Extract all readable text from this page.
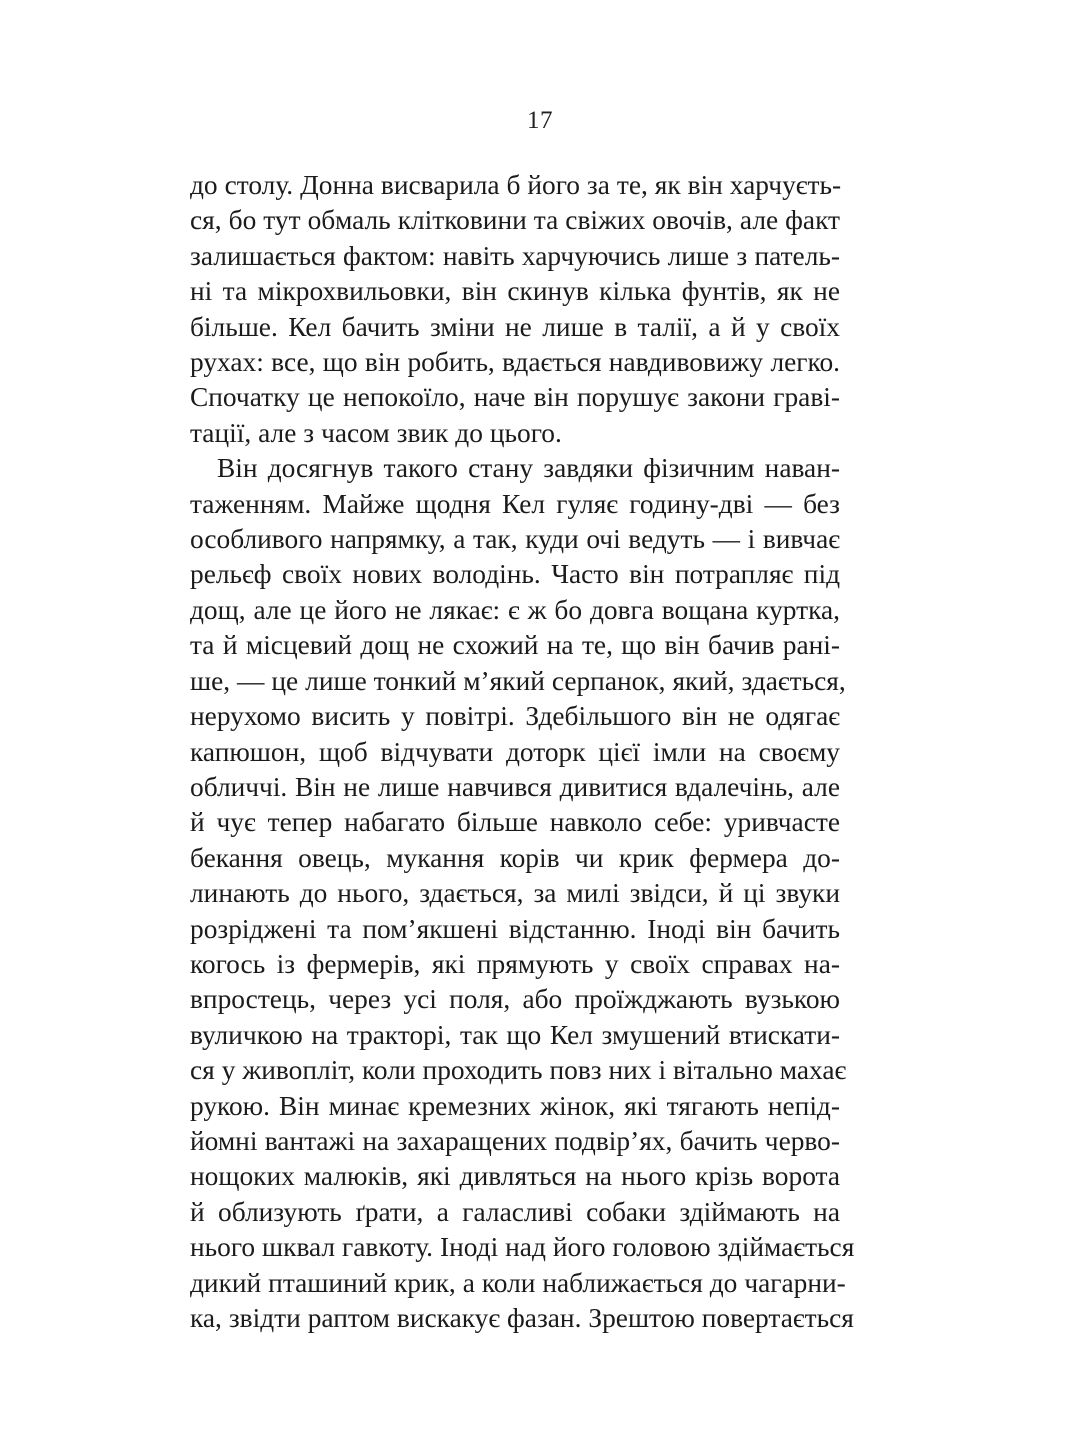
17

до столу. Донна висварила б його за те, як він харчуєть-
ся, бо тут обмаль клітковини та свіжих овочів, але факт
залишається фактом: навіть харчуючись лише з патель-
ні та мікрохвильовки, він скинув кілька фунтів, як не
більше. Кел бачить зміни не лише в талії, а й у своїх
рухах: все, що він робить, вдається навдивовижу легко.
Спочатку це непокоїло, наче він порушує закони граві-
тації, але з часом звик до цього.

Він досягнув такого стану завдяки фізичним наван-
таженням. Майже щодня Кел гуляє годину-дві — без
особливого напрямку, а так, куди очі ведуть — і вивчає
рельєф своїх нових володінь. Часто він потрапляє під
дощ, але це його не лякає: є ж бо довга вощана куртка,
та й місцевий дощ не схожий на те, що він бачив рані-
ше, — це лише тонкий м’який серпанок, який, здається,
нерухомо висить у повітрі. Здебільшого він не одягає
капюшон, щоб відчувати доторк цієї імли на своєму
обличчі. Він не лише навчився дивитися вдалечінь, але
й чує тепер набагато більше навколо себе: уривчасте
бекання овець, мукання корів чи крик фермера до-
линають до нього, здається, за милі звідси, й ці звуки
розріджені та пом’якшені відстанню. Іноді він бачить
когось із фермерів, які прямують у своїх справах на-
впростець, через усі поля, або проїжджають вузькою
вуличкою на тракторі, так що Кел змушений втискати-
ся у живопліт, коли проходить повз них і вітально махає
рукою. Він минає кремезних жінок, які тягають непід-
йомні вантажі на захаращених подвір’ях, бачить черво-
нощоких малюків, які дивляться на нього крізь ворота
й облизують ґрати, а галасливі собаки здіймають на
нього шквал гавкоту. Іноді над його головою здіймається
дикий пташиний крик, а коли наближається до чагарни-
ка, звідти раптом вискакує фазан. Зрештою повертається
